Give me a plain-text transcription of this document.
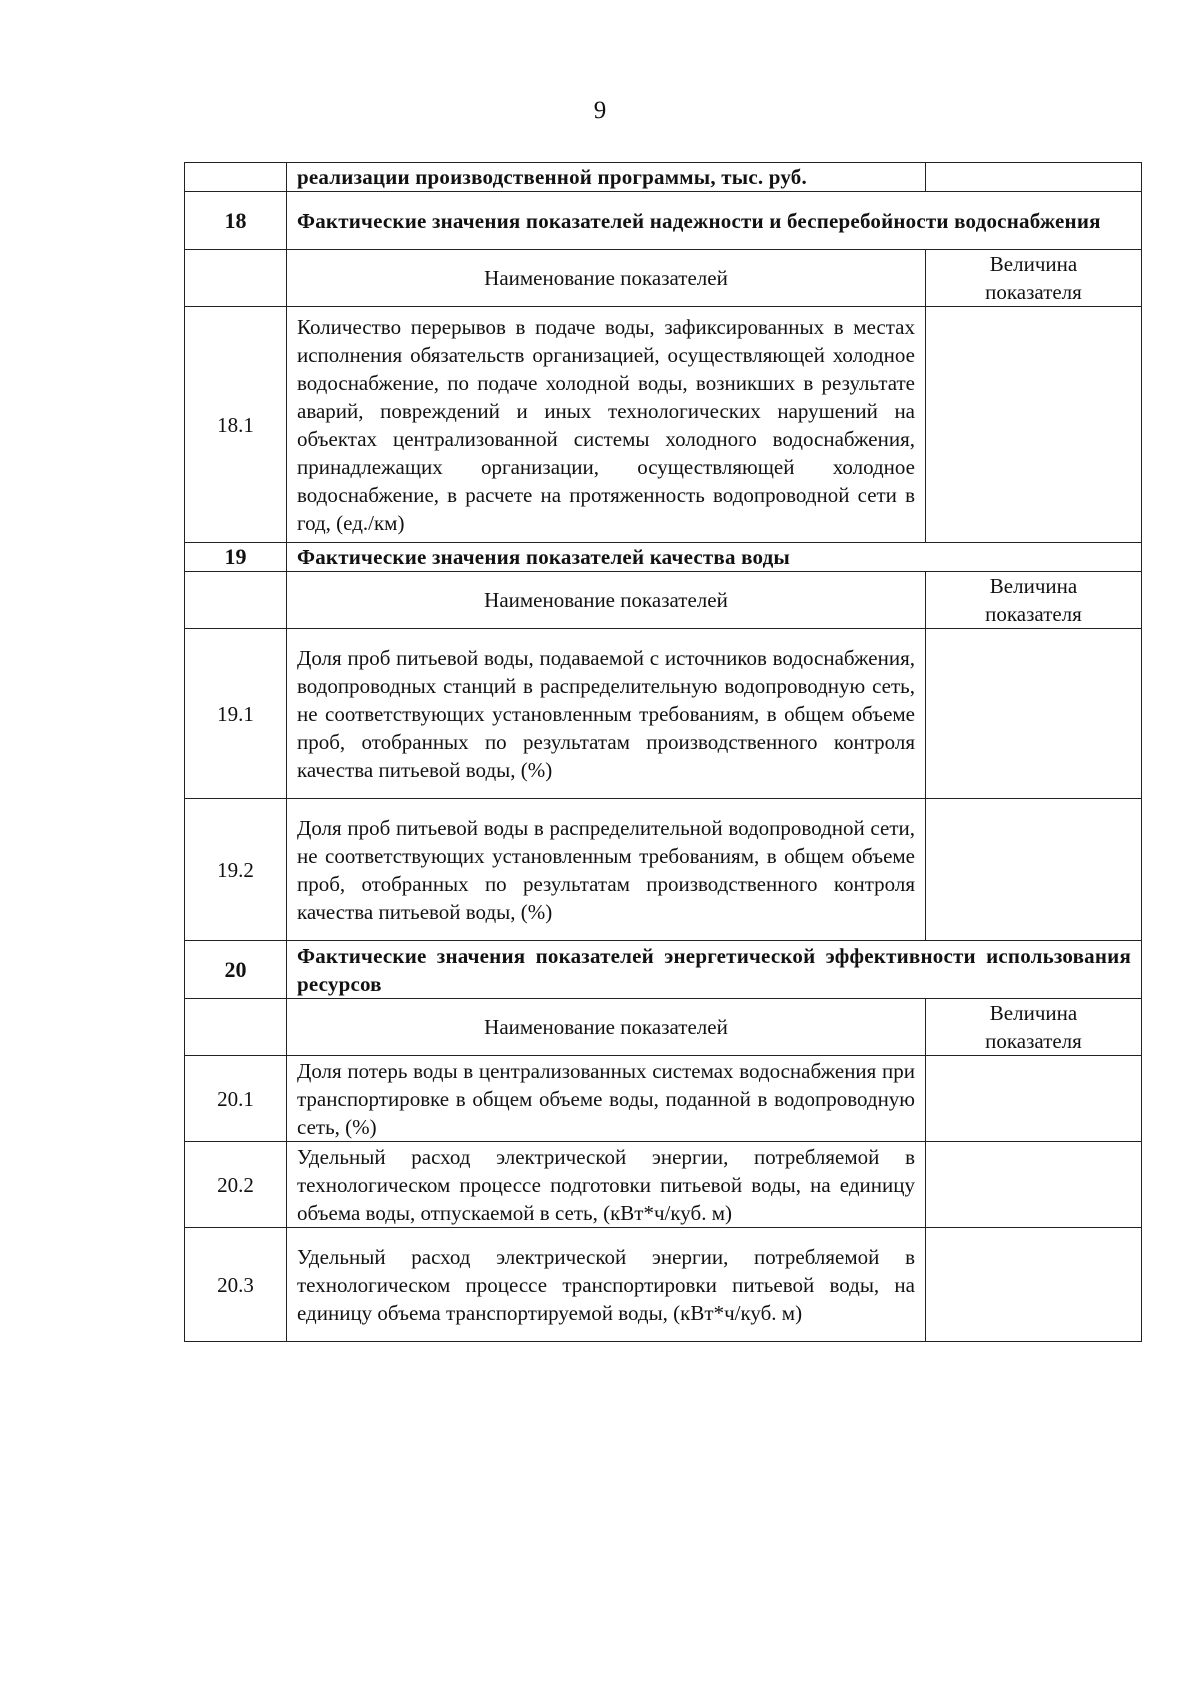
9
	реализации производственной программы, тыс. руб.	
18	Фактические значения показателей надежности и бесперебойности водоснабжения	
	Наименование показателей	Величина
показателя

18.1	Количество перерывов в подаче воды, зафиксированных в местах исполнения обязательств организацией, осуществляющей холодное водоснабжение, по подаче холодной воды, возникших в результате аварий, повреждений и иных технологических нарушений на объектах централизованной системы холодного водоснабжения, принадлежащих организации, осуществляющей холодное водоснабжение, в расчете на протяженность водопроводной сети в год, (ед./км)	
19	Фактические значения показателей качества воды	
	Наименование показателей	Величина
показателя

19.1	Доля проб питьевой воды, подаваемой с источников водоснабжения, водопроводных станций в распределительную водопроводную сеть, не соответствующих установленным требованиям, в общем объеме проб, отобранных по результатам производственного контроля качества питьевой воды, (%)	
19.2	Доля проб питьевой воды в распределительной водопроводной сети, не соответствующих установленным требованиям, в общем объеме проб, отобранных по результатам производственного контроля качества питьевой воды, (%)	
20	Фактические значения показателей энергетической эффективности использования ресурсов	
	Наименование показателей	Величина
показателя

20.1	Доля потерь воды в централизованных системах водоснабжения при транспортировке в общем объеме воды, поданной в водопроводную сеть, (%)	
20.2	Удельный расход электрической энергии, потребляемой в технологическом процессе подготовки питьевой воды, на единицу объема воды, отпускаемой в сеть, (кВт*ч/куб. м)	
20.3	Удельный расход электрической энергии, потребляемой в технологическом процессе транспортировки питьевой воды, на единицу объема транспортируемой воды, (кВт*ч/куб. м)	
